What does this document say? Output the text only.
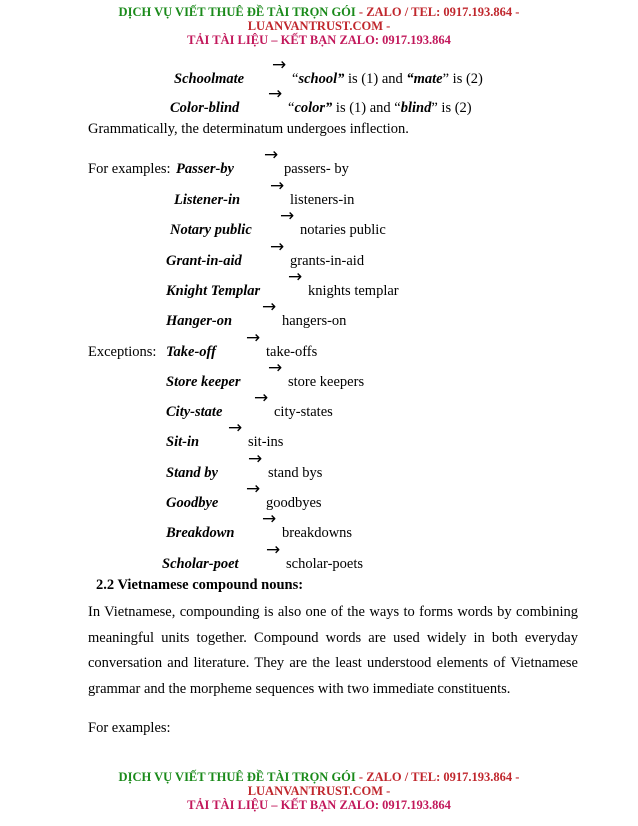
DỊCH VỤ VIẾT THUÊ ĐỀ TÀI TRỌN GÓI - ZALO / TEL: 0917.193.864 -
LUANVANTRUST.COM -
TẢI TÀI LIỆU – KẾT BẠN ZALO: 0917.193.864
Schoolmate
→
“school” is (1) and “mate” is (2)
Color-blind
→
“color” is (1) and “blind” is (2)
Grammatically, the determinatum undergoes inflection.
For examples: Passer-by
→
passers- by
Listener-in
→
listeners-in
Notary public
→
notaries public
Grant-in-aid
→
grants-in-aid
Knight Templar
→
knights templar
Hanger-on
→
hangers-on
Exceptions: Take-off
→
take-offs
Store keeper
→
store keepers
City-state
→
city-states
Sit-in
→
sit-ins
Stand by
→
stand bys
Goodbye
→
goodbyes
Breakdown
→
breakdowns
Scholar-poet
→
scholar-poets
2.2 Vietnamese compound nouns:
In Vietnamese, compounding is also one of the ways to forms words by combining meaningful units together. Compound words are used widely in both everyday conversation and literature. They are the least understood elements of Vietnamese grammar and the morpheme sequences with two immediate constituents.
For examples:
DỊCH VỤ VIẾT THUÊ ĐỀ TÀI TRỌN GÓI - ZALO / TEL: 0917.193.864 -
LUANVANTRUST.COM -
TẢI TÀI LIỆU – KẾT BẠN ZALO: 0917.193.864
